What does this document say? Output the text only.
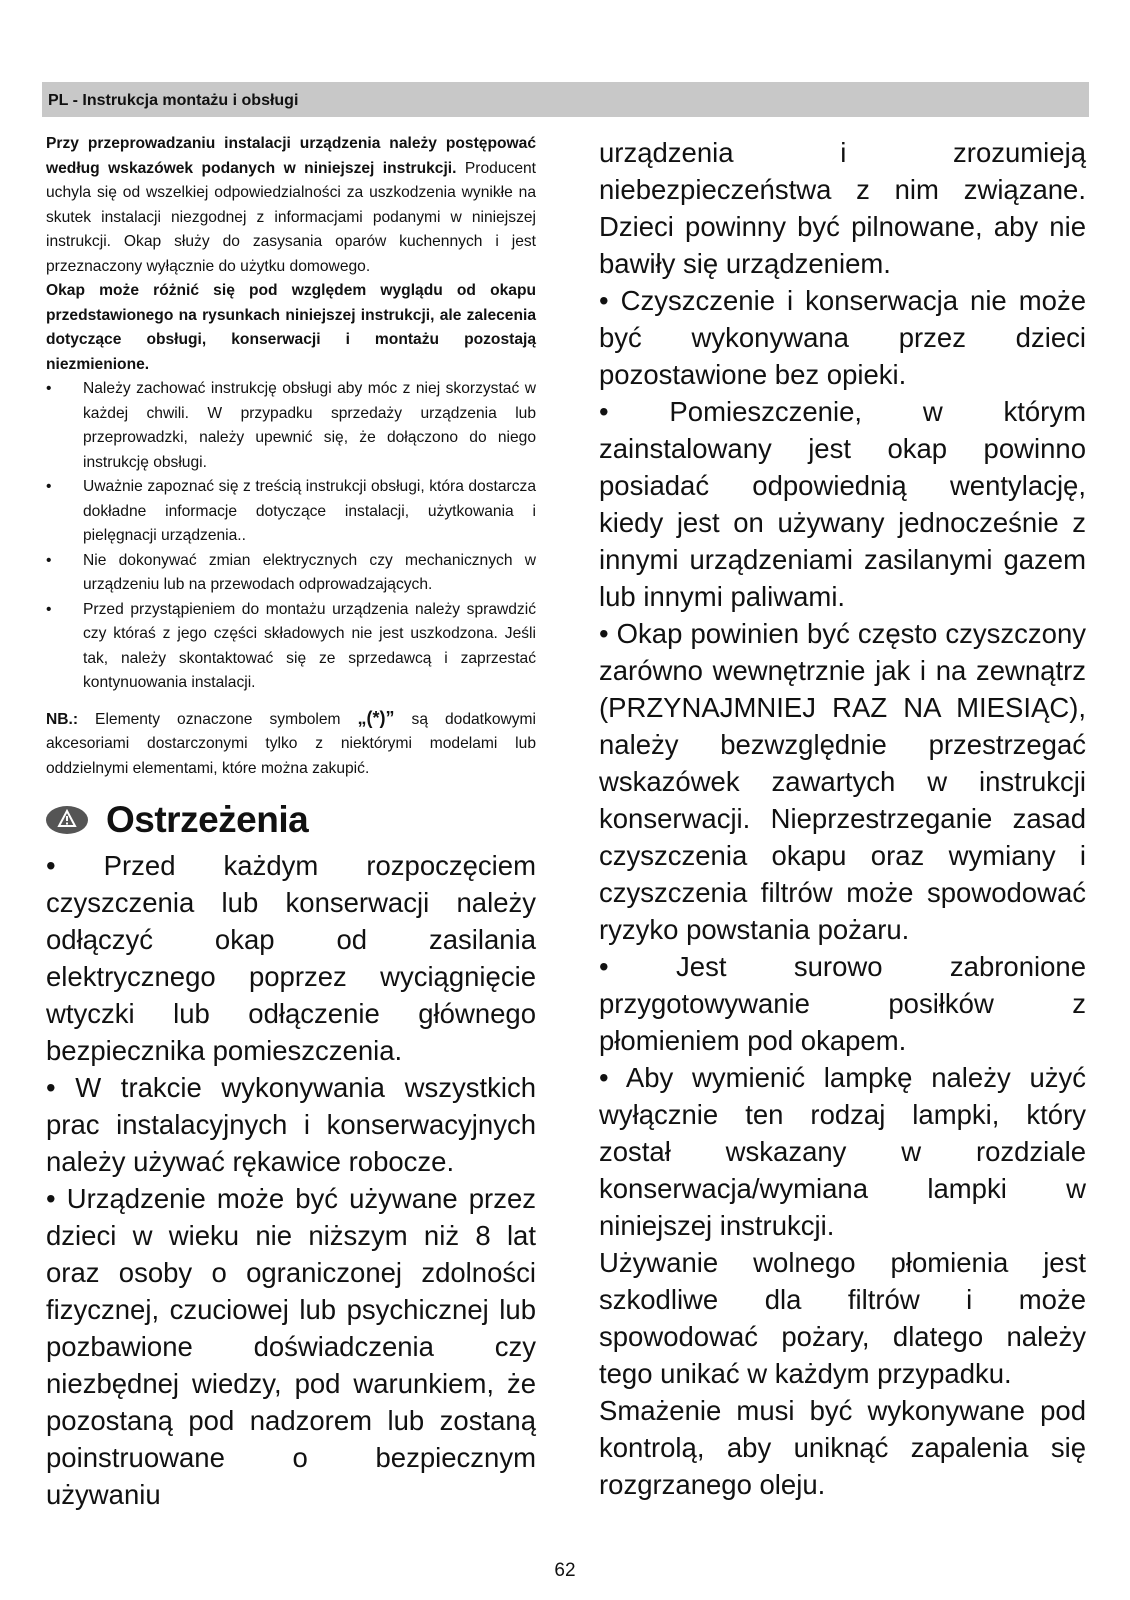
PL - Instrukcja montażu i obsługi

Przy przeprowadzaniu instalacji urządzenia należy postępować według wskazówek podanych w niniejszej instrukcji. Producent uchyla się od wszelkiej odpowiedzialności za uszkodzenia wynikłe na skutek instalacji niezgodnej z informacjami podanymi w niniejszej instrukcji. Okap służy do zasysania oparów kuchennych i jest przeznaczony wyłącznie do użytku domowego.

Okap może różnić się pod względem wyglądu od okapu przedstawionego na rysunkach niniejszej instrukcji, ale zalecenia dotyczące obsługi, konserwacji i montażu pozostają niezmienione.

• Należy zachować instrukcję obsługi aby móc z niej skorzystać w każdej chwili. W przypadku sprzedaży urządzenia lub przeprowadzki, należy upewnić się, że dołączono do niego instrukcję obsługi.
• Uważnie zapoznać się z treścią instrukcji obsługi, która dostarcza dokładne informacje dotyczące instalacji, użytkowania i pielęgnacji urządzenia..
• Nie dokonywać zmian elektrycznych czy mechanicznych w urządzeniu lub na przewodach odprowadzających.
• Przed przystąpieniem do montażu urządzenia należy sprawdzić czy któraś z jego części składowych nie jest uszkodzona. Jeśli tak, należy skontaktować się ze sprzedawcą i zaprzestać kontynuowania instalacji.

NB.: Elementy oznaczone symbolem „(*)” są dodatkowymi akcesoriami dostarczonymi tylko z niektórymi modelami lub oddzielnymi elementami, które można zakupić.

Ostrzeżenia

• Przed każdym rozpoczęciem czyszczenia lub konserwacji należy odłączyć okap od zasilania elektrycznego poprzez wyciągnięcie wtyczki lub odłączenie głównego bezpiecznika pomieszczenia.

• W trakcie wykonywania wszystkich prac instalacyjnych i konserwacyjnych należy używać rękawice robocze.

• Urządzenie może być używane przez dzieci w wieku nie niższym niż 8 lat oraz osoby o ograniczonej zdolności fizycznej, czuciowej lub psychicznej lub pozbawione doświadczenia czy niezbędnej wiedzy, pod warunkiem, że pozostaną pod nadzorem lub zostaną poinstruowane o bezpiecznym używaniu

urządzenia i zrozumieją niebezpieczeństwa z nim związane. Dzieci powinny być pilnowane, aby nie bawiły się urządzeniem.

• Czyszczenie i konserwacja nie może być wykonywana przez dzieci pozostawione bez opieki.

• Pomieszczenie, w którym zainstalowany jest okap powinno posiadać odpowiednią wentylację, kiedy jest on używany jednocześnie z innymi urządzeniami zasilanymi gazem lub innymi paliwami.

• Okap powinien być często czyszczony zarówno wewnętrznie jak i na zewnątrz (PRZYNAJMNIEJ RAZ NA MIESIĄC), należy bezwzględnie przestrzegać wskazówek zawartych w instrukcji konserwacji. Nieprzestrzeganie zasad czyszczenia okapu oraz wymiany i czyszczenia filtrów może spowodować ryzyko powstania pożaru.

• Jest surowo zabronione przygotowywanie posiłków z płomieniem pod okapem.

• Aby wymienić lampkę należy użyć wyłącznie ten rodzaj lampki, który został wskazany w rozdziale konserwacja/wymiana lampki w niniejszej instrukcji.

Używanie wolnego płomienia jest szkodliwe dla filtrów i może spowodować pożary, dlatego należy tego unikać w każdym przypadku.

Smażenie musi być wykonywane pod kontrolą, aby uniknąć zapalenia się rozgrzanego oleju.

62
